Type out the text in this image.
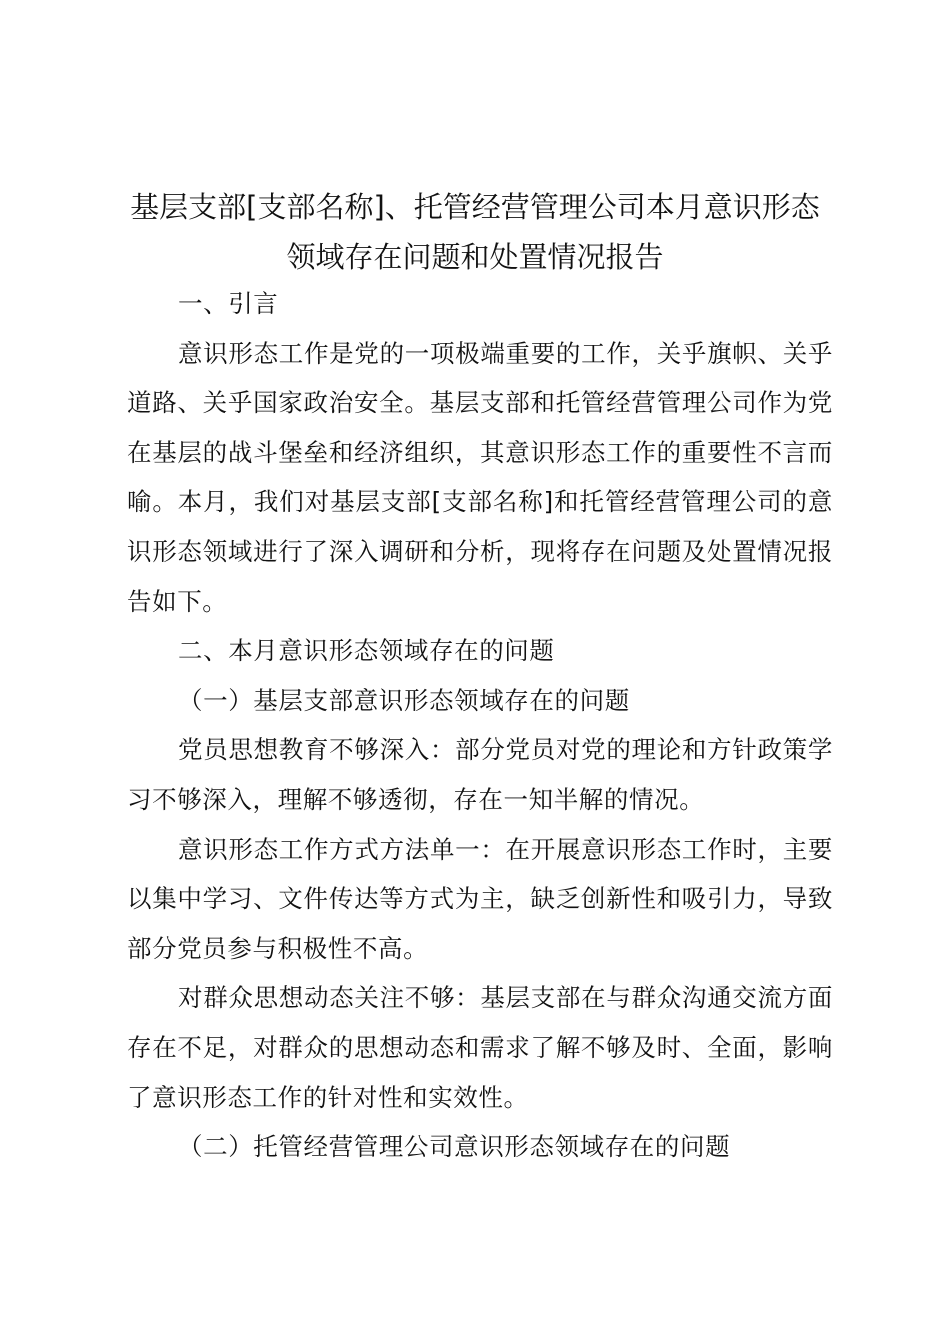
基层支部[支部名称]、托管经营管理公司本月意识形态
领域存在问题和处置情况报告

一、引言

意识形态工作是党的一项极端重要的工作，关乎旗帜、关乎道路、关乎国家政治安全。基层支部和托管经营管理公司作为党在基层的战斗堡垒和经济组织，其意识形态工作的重要性不言而喻。本月，我们对基层支部[支部名称]和托管经营管理公司的意识形态领域进行了深入调研和分析，现将存在问题及处置情况报告如下。

二、本月意识形态领域存在的问题

（一）基层支部意识形态领域存在的问题

党员思想教育不够深入：部分党员对党的理论和方针政策学习不够深入，理解不够透彻，存在一知半解的情况。

意识形态工作方式方法单一：在开展意识形态工作时，主要以集中学习、文件传达等方式为主，缺乏创新性和吸引力，导致部分党员参与积极性不高。

对群众思想动态关注不够：基层支部在与群众沟通交流方面存在不足，对群众的思想动态和需求了解不够及时、全面，影响了意识形态工作的针对性和实效性。

（二）托管经营管理公司意识形态领域存在的问题
